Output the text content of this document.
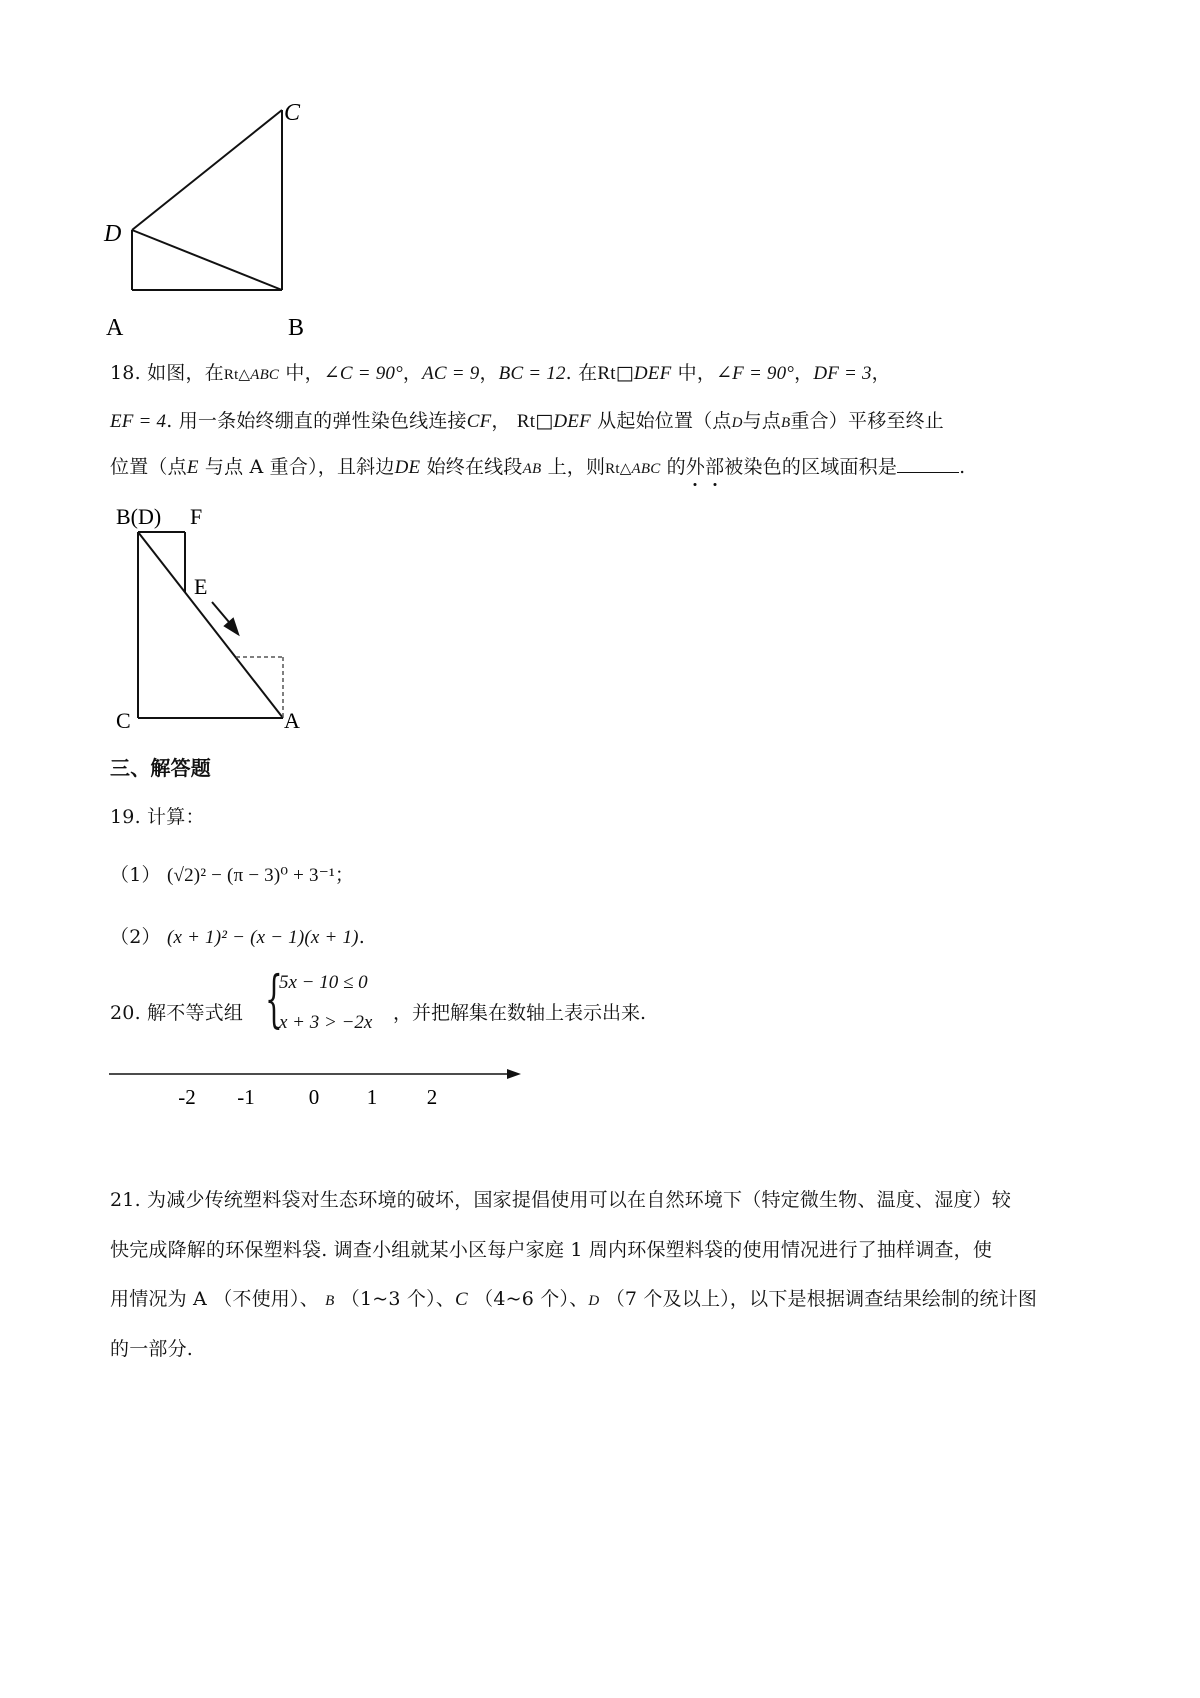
A	B
C
D
18. 如图，在Rt△ABC 中，∠C = 90°，AC = 9，BC = 12. 在Rt□DEF 中，∠F = 90°，DF = 3，
EF = 4. 用一条始终绷直的弹性染色线连接CF， Rt□DEF 从起始位置（点D与点B重合）平移至终止
位置（点E 与点 A 重合），且斜边DE 始终在线段AB 上，则Rt△ABC 的外部被染色的区域面积是	.
B(D) F
E
C	A
三、解答题
19. 计算：
（1） (√2)² − (π − 3)⁰ + 3⁻¹；
（2） (x + 1)² − (x − 1)(x + 1).
20. 解不等式组 {
5x − 10 ≤ 0
x + 3 > −2x ，并把解集在数轴上表示出来.
-2 -1	0 1 2
21. 为减少传统塑料袋对生态环境的破坏，国家提倡使用可以在自然环境下（特定微生物、温度、湿度）较
快完成降解的环保塑料袋. 调查小组就某小区每户家庭 1 周内环保塑料袋的使用情况进行了抽样调查，使
用情况为 A （不使用）、 B （1~3 个）、C （4~6 个）、D （7 个及以上），以下是根据调查结果绘制的统计图
的一部分.
